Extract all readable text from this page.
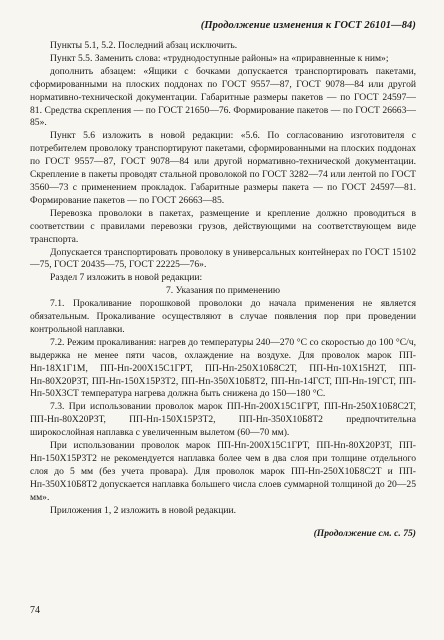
(Продолжение изменения к ГОСТ 26101—84)

Пункты 5.1, 5.2. Последний абзац исключить.

Пункт 5.5. Заменить слова: «труднодоступные районы» на «приравненные к ним»;

дополнить абзацем: «Ящики с бочками допускается транспортировать пакетами, сформированными на плоских поддонах по ГОСТ 9557—87, ГОСТ 9078—84 или другой нормативно-технической документации. Габаритные размеры пакетов — по ГОСТ 24597—81. Средства скрепления — по ГОСТ 21650—76. Формирование пакетов — по ГОСТ 26663—85».

Пункт 5.6 изложить в новой редакции: «5.6. По согласованию изготовителя с потребителем проволоку транспортируют пакетами, сформированными на плоских поддонах по ГОСТ 9557—87, ГОСТ 9078—84 или другой нормативно-технической документации. Скрепление в пакеты проводят стальной проволокой по ГОСТ 3282—74 или лентой по ГОСТ 3560—73 с применением прокладок. Габаритные размеры пакета — по ГОСТ 24597—81. Формирование пакетов — по ГОСТ 26663—85.

Перевозка проволоки в пакетах, размещение и крепление должно проводиться в соответствии с правилами перевозки грузов, действующими на соответствующем виде транспорта.

Допускается транспортировать проволоку в универсальных контейнерах по ГОСТ 15102—75, ГОСТ 20435—75, ГОСТ 22225—76».

Раздел 7 изложить в новой редакции:

7. Указания по применению

7.1. Прокаливание порошковой проволоки до начала применения не является обязательным. Прокаливание осуществляют в случае появления пор при проведении контрольной наплавки.

7.2. Режим прокаливания: нагрев до температуры 240—270 °С со скоростью до 100 °С/ч, выдержка не менее пяти часов, охлаждение на воздухе. Для проволок марок ПП-Нп-18Х1Г1М, ПП-Нп-200Х15С1ГРТ, ПП-Нп-250Х10Б8С2Т, ПП-Нп-10Х15Н2Т, ПП-Нп-80Х20Р3Т, ПП-Нп-150Х15Р3Т2, ПП-Нп-350Х10Б8Т2, ПП-Нп-14ГСТ, ПП-Нп-19ГСТ, ПП-Нп-50Х3СТ температура нагрева должна быть снижена до 150—180 °С.

7.3. При использовании проволок марок ПП-Нп-200Х15С1ГРТ, ПП-Нп-250Х10Б8С2Т, ПП-Нп-80Х20Р3Т, ПП-Нп-150Х15Р3Т2, ПП-Нп-350Х10Б8Т2 предпочтительна широкослойная наплавка с увеличенным вылетом (60—70 мм).

При использовании проволок марок ПП-Нп-200Х15С1ГРТ, ПП-Нп-80Х20Р3Т, ПП-Нп-150Х15Р3Т2 не рекомендуется наплавка более чем в два слоя при толщине отдельного слоя до 5 мм (без учета провара). Для проволок марок ПП-Нп-250Х10Б8С2Т и ПП-Нп-350Х10Б8Т2 допускается наплавка большего числа слоев суммарной толщиной до 20—25 мм».

Приложения 1, 2 изложить в новой редакции.

(Продолжение см. с. 75)

74
